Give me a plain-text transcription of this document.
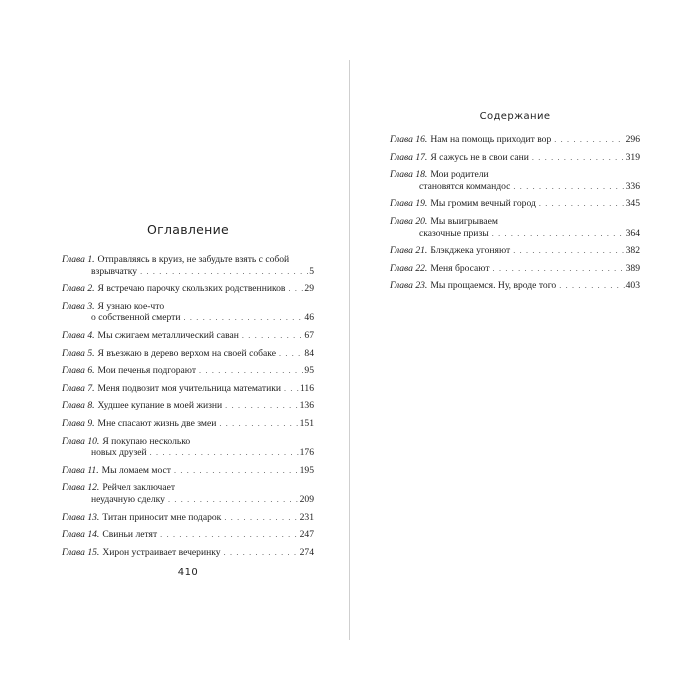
Оглавление
Глава 1. Отправляясь в круиз, не забудьте взять с собой
взрывчатку . . .	5
Глава 2. Я встречаю парочку скользких родственников . . . 29
Глава 3. Я узнаю кое-что
о собственной смерти . . .	46
Глава 4. Мы сжигаем металлический саван . . .	67
Глава 5. Я въезжаю в дерево верхом на своей собаке . . .	84
Глава 6. Мои печенья подгорают . . .	95
Глава 7. Меня подвозит моя учительница математики . . . 116
Глава 8. Худшее купание в моей жизни . . .	136
Глава 9. Мне спасают жизнь две змеи . . .	151
Глава 10. Я покупаю несколько
новых друзей . . .	176
Глава 11. Мы ломаем мост . . .	195
Глава 12. Рейчел заключает
неудачную сделку . . .	209
Глава 13. Титан приносит мне подарок . . .	231
Глава 14. Свиньи летят . . .	247
Глава 15. Хирон устраивает вечеринку . . .	274
410
Содержание
Глава 16. Нам на помощь приходит вор . . .	296
Глава 17. Я сажусь не в свои сани . . .	319
Глава 18. Мои родители
становятся коммандос . . .	336
Глава 19. Мы громим вечный город . . .	345
Глава 20. Мы выигрываем
сказочные призы . . .	364
Глава 21. Блэкджека угоняют . . .	382
Глава 22. Меня бросают . . .	389
Глава 23. Мы прощаемся. Ну, вроде того . . .	403
